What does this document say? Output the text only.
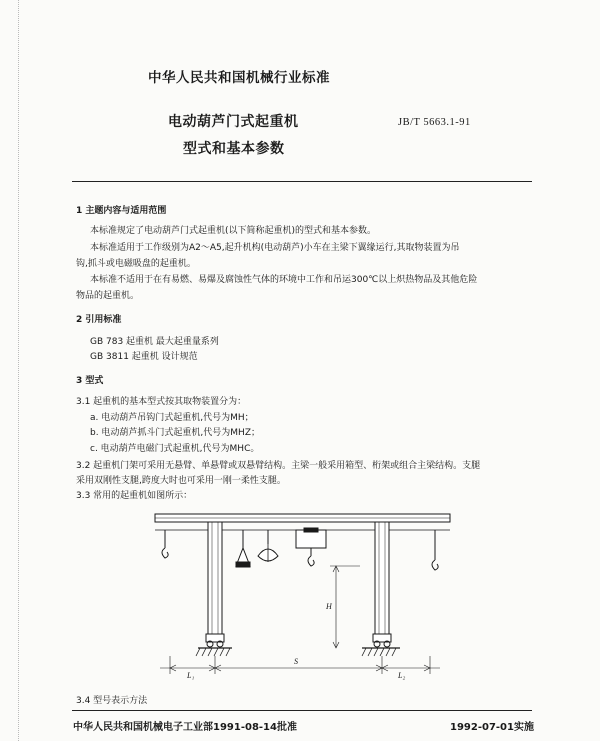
中华人民共和国机械行业标准
电动葫芦门式起重机
型式和基本参数
JB/T 5663.1-91
1 主题内容与适用范围
本标准规定了电动葫芦门式起重机(以下简称起重机)的型式和基本参数。
本标准适用于工作级别为A2～A5,起升机构(电动葫芦)小车在主梁下翼缘运行,其取物装置为吊
钩,抓斗或电磁吸盘的起重机。
本标准不适用于在有易燃、易爆及腐蚀性气体的环境中工作和吊运300℃以上炽热物品及其他危险
物品的起重机。
2 引用标准
GB 783 起重机 最大起重量系列
GB 3811 起重机 设计规范
3 型式
3.1 起重机的基本型式按其取物装置分为：
a. 电动葫芦吊钩门式起重机,代号为MH；
b. 电动葫芦抓斗门式起重机,代号为MHZ；
c. 电动葫芦电磁门式起重机,代号为MHC。
3.2 起重机门架可采用无悬臂、单悬臂或双悬臂结构。主梁一般采用箱型、桁架或组合主梁结构。支腿
采用双刚性支腿,跨度大时也可采用一刚一柔性支腿。
3.3 常用的起重机如图所示：
H
S
L₁	L₂
3.4 型号表示方法
中华人民共和国机械电子工业部1991-08-14批准	1992-07-01实施
